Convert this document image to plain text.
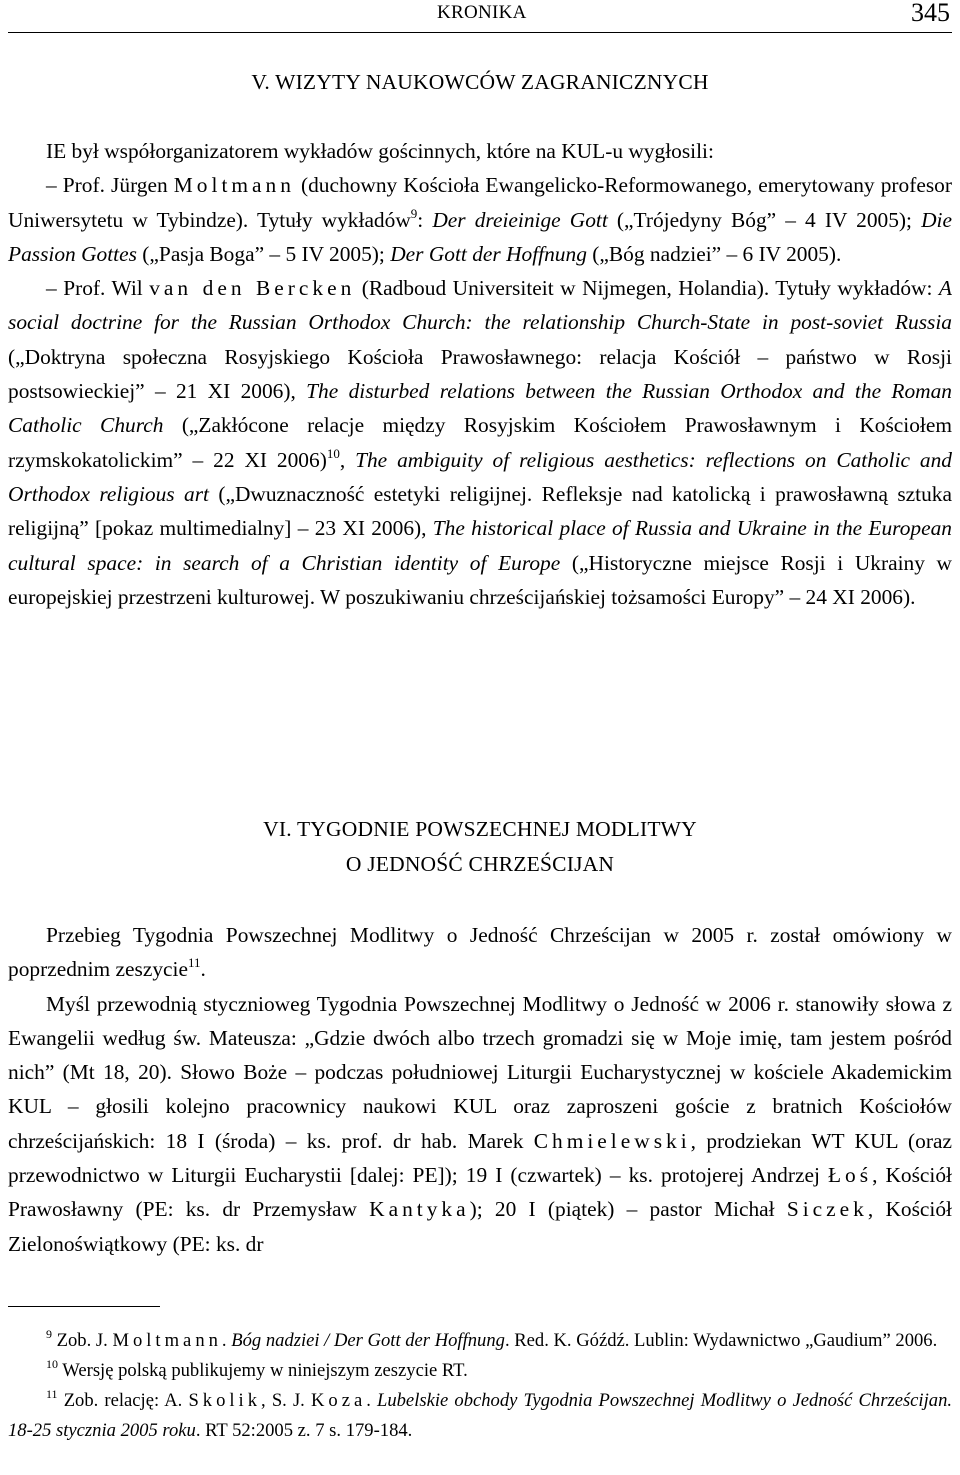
KRONIKA	345
V. WIZYTY NAUKOWCÓW ZAGRANICZNYCH

IE był współorganizatorem wykładów gościnnych, które na KUL-u wygłosili:

– Prof. Jürgen Moltmann (duchowny Kościoła Ewangelicko-Reformowanego, emerytowany profesor Uniwersytetu w Tybindze). Tytuły wykładów$^9$: Der dreieinige Gott („Trójedyny Bóg” – 4 IV 2005); Die Passion Gottes („Pasja Boga” – 5 IV 2005); Der Gott der Hoffnung („Bóg nadziei” – 6 IV 2005).

– Prof. Wil van den Bercken (Radboud Universiteit w Nijmegen, Holandia). Tytuły wykładów: A social doctrine for the Russian Orthodox Church: the relationship Church-State in post-soviet Russia („Doktryna społeczna Rosyjskiego Kościoła Prawosławnego: relacja Kościół – państwo w Rosji postsowieckiej” – 21 XI 2006), The disturbed relations between the Russian Orthodox and the Roman Catholic Church („Zakłócone relacje między Rosyjskim Kościołem Prawosławnym i Kościołem rzymskokatolickim” – 22 XI 2006)$^{10}$, The ambiguity of religious aesthetics: reflections on Catholic and Orthodox religious art („Dwuznaczność estetyki religijnej. Refleksje nad katolicką i prawosławną sztuka religijną” [pokaz multimedialny] – 23 XI 2006), The historical place of Russia and Ukraine in the European cultural space: in search of a Christian identity of Europe („Historyczne miejsce Rosji i Ukrainy w europejskiej przestrzeni kulturowej. W poszukiwaniu chrześcijańskiej tożsamości Europy” – 24 XI 2006).

VI. TYGODNIE POWSZECHNEJ MODLITWY
O JEDNOŚĆ CHRZEŚCIJAN

Przebieg Tygodnia Powszechnej Modlitwy o Jedność Chrześcijan w 2005 r. został omówiony w poprzednim zeszycie$^{11}$.

Myśl przewodnią stycznioweg Tygodnia Powszechnej Modlitwy o Jedność w 2006 r. stanowiły słowa z Ewangelii według św. Mateusza: „Gdzie dwóch albo trzech gromadzi się w Moje imię, tam jestem pośród nich” (Mt 18, 20). Słowo Boże – podczas południowej Liturgii Eucharystycznej w kościele Akademickim KUL – głosili kolejno pracownicy naukowi KUL oraz zaproszeni goście z bratnich Kościołów chrześcijańskich: 18 I (środa) – ks. prof. dr hab. Marek Chmielewski, prodziekan WT KUL (oraz przewodnictwo w Liturgii Eucharystii [dalej: PE]); 19 I (czwartek) – ks. protojerej Andrzej Łoś, Kościół Prawosławny (PE: ks. dr Przemysław Kantyka); 20 I (piątek) – pastor Michał Siczek, Kościół Zielonoświątkowy (PE: ks. dr

$^9$ Zob. J. Moltmann. Bóg nadziei / Der Gott der Hoffnung. Red. K. Góźdź. Lublin: Wydawnictwo „Gaudium” 2006.

$^{10}$ Wersję polską publikujemy w niniejszym zeszycie RT.

$^{11}$ Zob. relację: A. Skolik, S. J. Koza. Lubelskie obchody Tygodnia Powszechnej Modlitwy o Jedność Chrześcijan. 18-25 stycznia 2005 roku. RT 52:2005 z. 7 s. 179-184.
